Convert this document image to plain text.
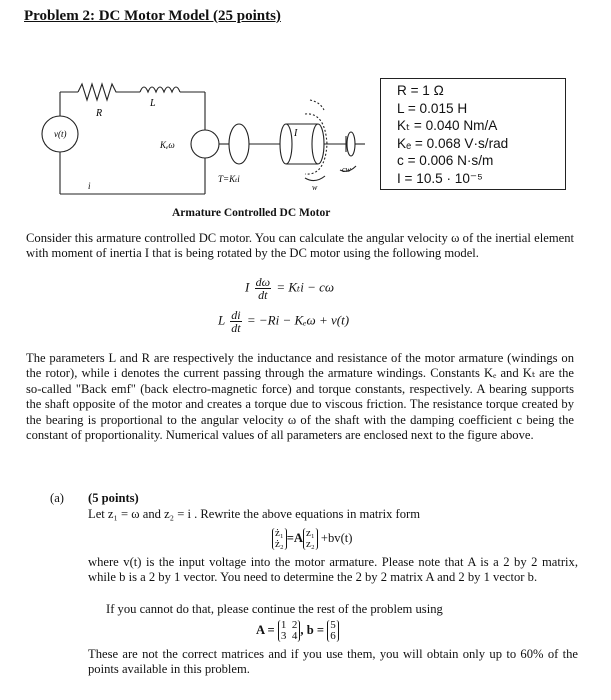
Problem 2: DC Motor Model (25 points)
v(t)
R
L
Kₑω
T=Kₜi
i
I
cw
w
R = 1 Ω
L = 0.015 H
Kₜ = 0.040 Nm/A
Kₑ = 0.068 V·s/rad
c = 0.006 N·s/m
I = 10.5 · 10⁻⁵
Armature Controlled DC Motor
Consider this armature controlled DC motor. You can calculate the angular velocity ω of the inertial element with moment of inertia I that is being rotated by the DC motor using the following model.
I $\frac{d\omega}{dt} = K_ti - c\omega$
L $\frac{di}{dt} = -Ri - K_e\omega + v(t)$
The parameters L and R are respectively the inductance and resistance of the motor armature (windings on the rotor), while i denotes the current passing through the armature windings. Constants Kₑ and Kₜ are the so-called "Back emf" (back electro-magnetic force) and torque constants, respectively. A bearing supports the shaft opposite of the motor and creates a torque due to viscous friction. The resistance torque created by the bearing is proportional to the angular velocity ω of the shaft with the damping coefficient c being the constant of proportionality. Numerical values of all parameters are enclosed next to the figure above.
(a) (5 points)
Let z₁ = ω and z₂ = i . Rewrite the above equations in matrix form
ż₁
ż₂ =A z₁
z₂ +bv(t)
where v(t) is the input voltage into the motor armature. Please note that A is a 2 by 2 matrix, while b is a 2 by 1 vector. You need to determine the 2 by 2 matrix A and 2 by 1 vector b.
If you cannot do that, please continue the rest of the problem using
A = 1 2
3 4 , b = 5
6
These are not the correct matrices and if you use them, you will obtain only up to 60% of the points available in this problem.
